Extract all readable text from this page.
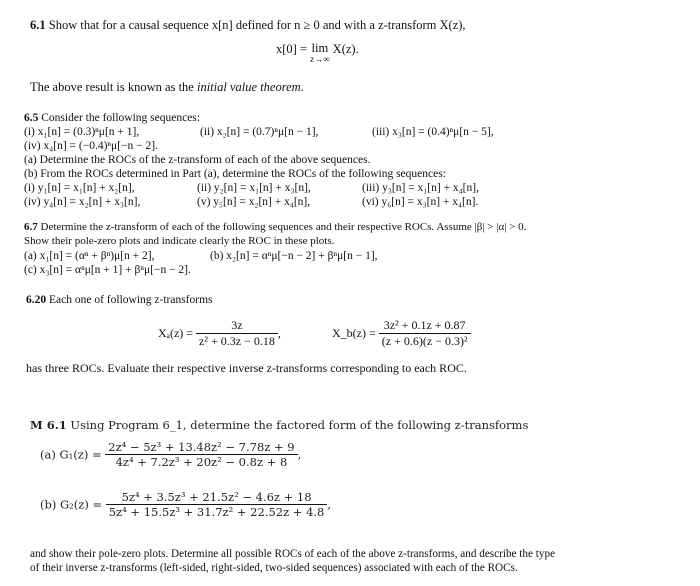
6.1 Show that for a causal sequence x[n] defined for n ≥ 0 and with a z-transform X(z),
x[0] = lim
z→∞
X(z).
The above result is known as the initial value theorem.
6.5 Consider the following sequences:
(i) x₁[n] = (0.3)ⁿμ[n + 1],	(ii) x₂[n] = (0.7)ⁿμ[n − 1],	(iii) x₃[n] = (0.4)ⁿμ[n − 5],
(iv) x₄[n] = (−0.4)ⁿμ[−n − 2].
(a) Determine the ROCs of the z-transform of each of the above sequences.
(b) From the ROCs determined in Part (a), determine the ROCs of the following sequences:
(i) y₁[n] = x₁[n] + x₂[n],	(ii) y₂[n] = x₁[n] + x₃[n],	(iii) y₃[n] = x₁[n] + x₄[n],
(iv) y₄[n] = x₂[n] + x₃[n],	(v) y₅[n] = x₂[n] + x₄[n],	(vi) y₆[n] = x₃[n] + x₄[n].
6.7 Determine the z-transform of each of the following sequences and their respective ROCs. Assume |β| > |α| > 0.
Show their pole-zero plots and indicate clearly the ROC in these plots.
(a) x₁[n] = (αⁿ + βⁿ)μ[n + 2],	(b) x₂[n] = αⁿμ[−n − 2] + βⁿμ[n − 1],
(c) x₃[n] = αⁿμ[n + 1] + βⁿμ[−n − 2].
6.20 Each one of following z-transforms
$X_a(z) = \frac{3z}{\text{z² + 0.3z − 0.18}}$ ,	X_b(z) = $\frac{\text{3z² + 0.1z + 0.87}}{\text{(z + 0.6)(z − 0.3)²}}$
has three ROCs. Evaluate their respective inverse z-transforms corresponding to each ROC.
M 6.1 Using Program 6_1, determine the factored form of the following z-transforms
(a) $G_1(z) = \frac{\text{2z⁴ − 5z³ + 13.48z² − 7.78z + 9}}{\text{4z⁴ + 7.2z³ + 20z² − 0.8z + 8}}$ ,
(b) $G_2(z) = \frac{\text{5z⁴ + 3.5z³ + 21.5z² − 4.6z + 18}}{\text{5z⁴ + 15.5z³ + 31.7z² + 22.52z + 4.8}}$ ,
and show their pole-zero plots. Determine all possible ROCs of each of the above z-transforms, and describe the type
of their inverse z-transforms (left-sided, right-sided, two-sided sequences) associated with each of the ROCs.
